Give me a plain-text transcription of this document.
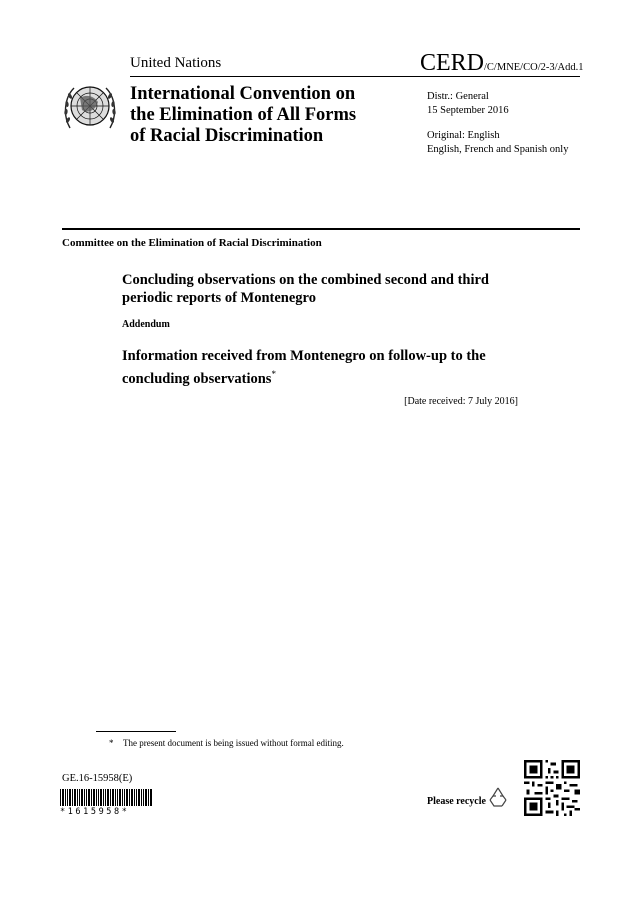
United Nations	CERD/C/MNE/CO/2-3/Add.1
International Convention on
the Elimination of All Forms
of Racial Discrimination
Distr.: General
15 September 2016
Original: English
English, French and Spanish only
Committee on the Elimination of Racial Discrimination
Concluding observations on the combined second and third
periodic reports of Montenegro
Addendum
Information received from Montenegro on follow-up to the
concluding observations*
[Date received: 7 July 2016]
* The present document is being issued without formal editing.
GE.16-15958(E)
*1615958*
Please recycle
